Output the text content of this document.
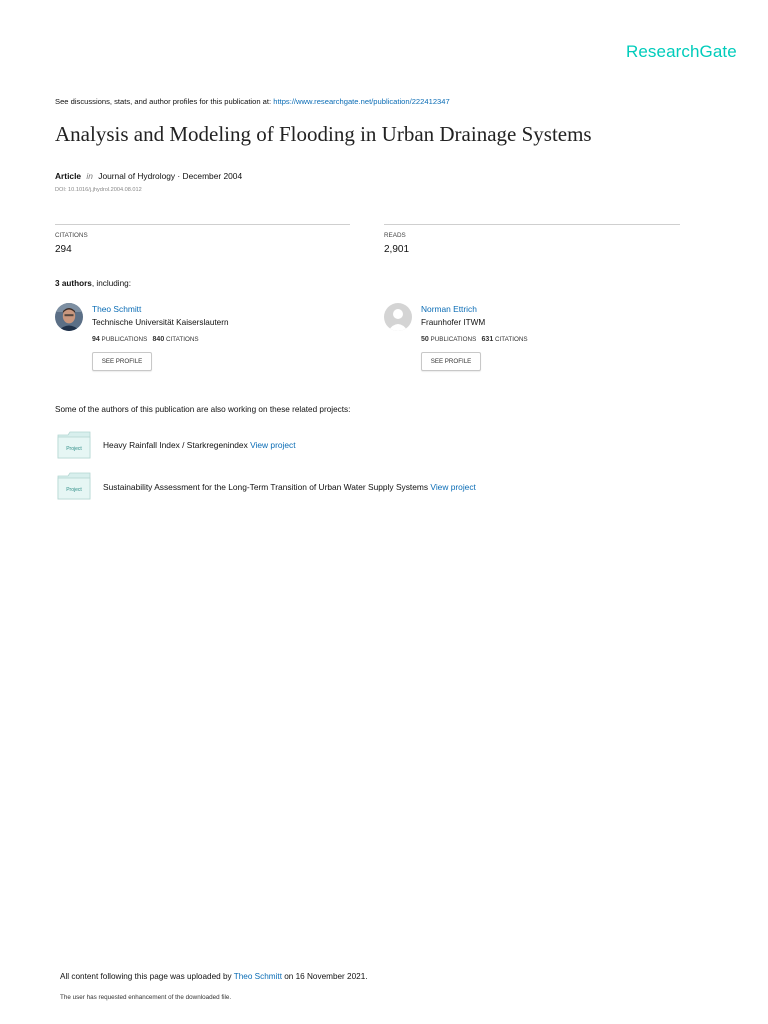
ResearchGate
See discussions, stats, and author profiles for this publication at: https://www.researchgate.net/publication/222412347
Analysis and Modeling of Flooding in Urban Drainage Systems
Article in Journal of Hydrology · December 2004
DOI: 10.1016/j.jhydrol.2004.08.012
CITATIONS
294
READS
2,901
3 authors, including:
Theo Schmitt
Technische Universität Kaiserslautern
94 PUBLICATIONS 840 CITATIONS
SEE PROFILE
Norman Ettrich
Fraunhofer ITWM
50 PUBLICATIONS 631 CITATIONS
SEE PROFILE
Some of the authors of this publication are also working on these related projects:
Project	Heavy Rainfall Index / Starkregenindex View project
Project	Sustainability Assessment for the Long-Term Transition of Urban Water Supply Systems View project
All content following this page was uploaded by Theo Schmitt on 16 November 2021.
The user has requested enhancement of the downloaded file.
